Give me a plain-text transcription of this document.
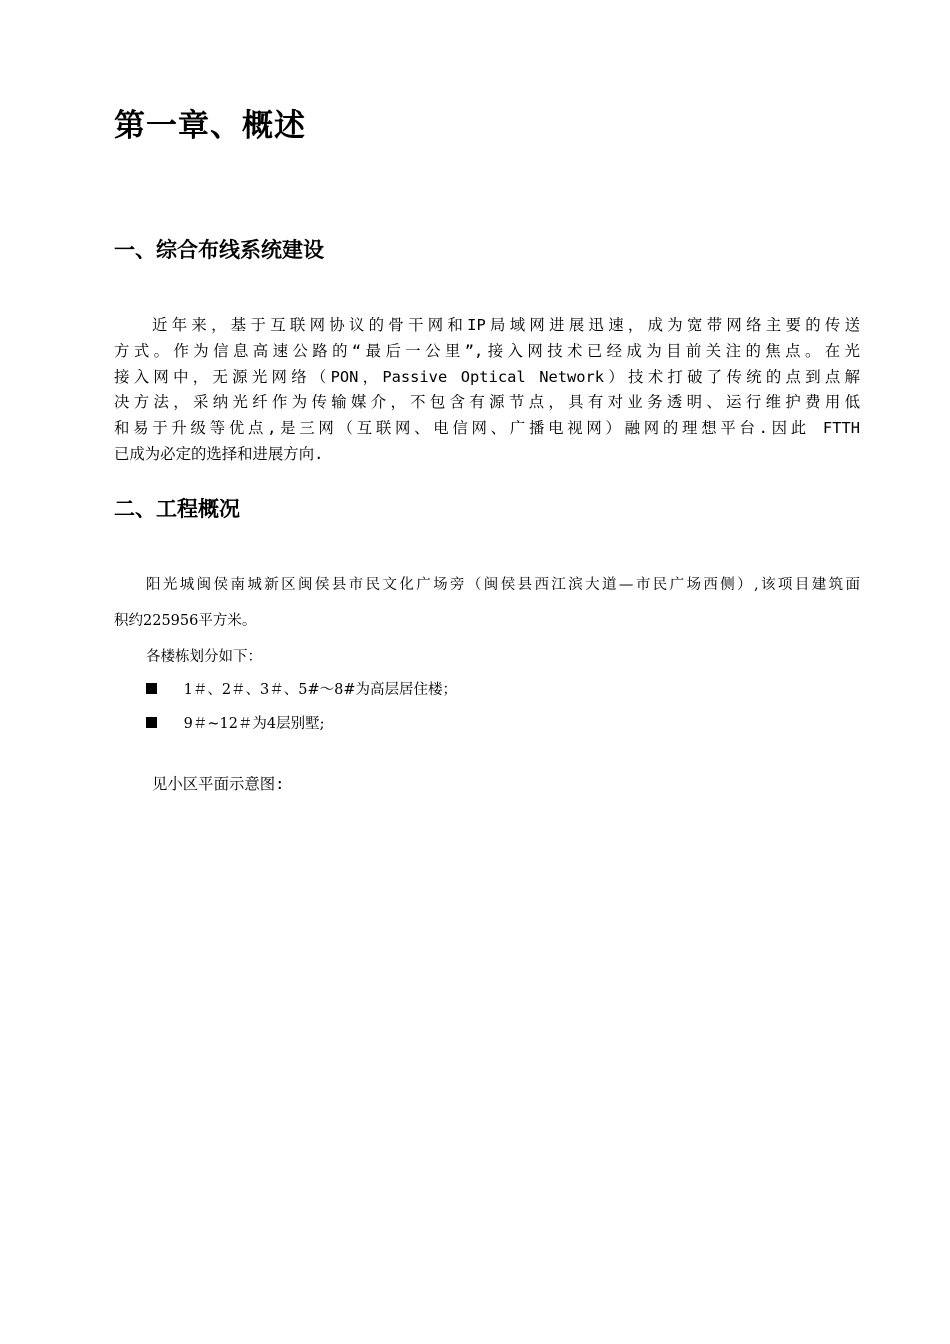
第一章、概述
一、综合布线系统建设
近年来，基于互联网协议的骨干网和IP局域网进展迅速，成为宽带网络主要的传送
方式。作为信息高速公路的“最后一公里”,接入网技术已经成为目前关注的焦点。在光
接入网中，无源光网络（PON，Passive Optical Network）技术打破了传统的点到点解
决方法，采纳光纤作为传输媒介，不包含有源节点，具有对业务透明、运行维护费用低
和易于升级等优点,是三网（互联网、电信网、广播电视网）融网的理想平台.因此 FTTH
已成为必定的选择和进展方向.
二、工程概况
阳光城闽侯南城新区闽侯县市民文化广场旁（闽侯县西江滨大道—市民广场西侧）,该项目建筑面
积约225956平方米。
各楼栋划分如下：
1＃、2＃、3＃、5#～8#为高层居住楼；
9＃~12＃为4层别墅;
见小区平面示意图:
